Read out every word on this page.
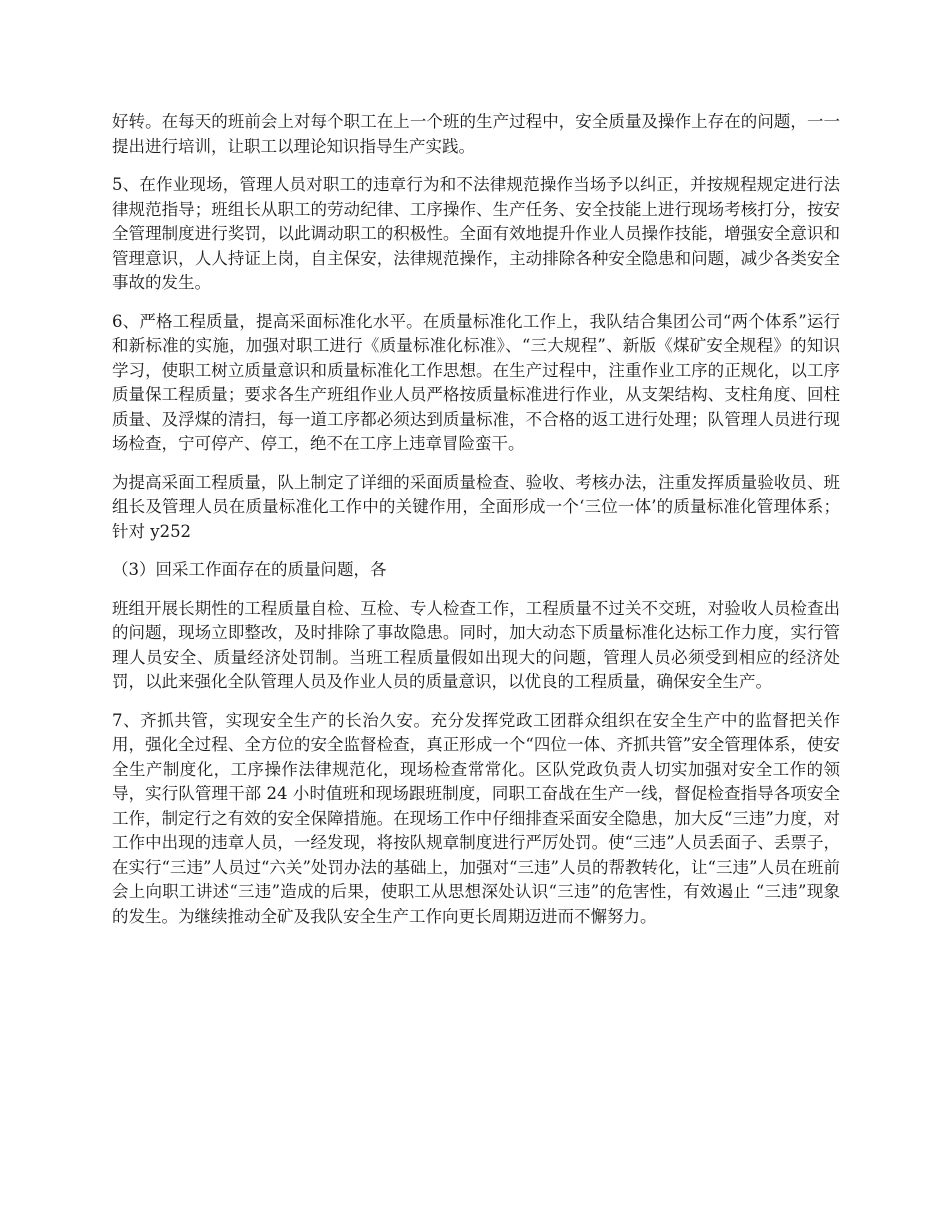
好转。在每天的班前会上对每个职工在上一个班的生产过程中，安全质量及操作上存在的问题，一一提出进行培训，让职工以理论知识指导生产实践。

5、在作业现场，管理人员对职工的违章行为和不法律规范操作当场予以纠正，并按规程规定进行法律规范指导；班组长从职工的劳动纪律、工序操作、生产任务、安全技能上进行现场考核打分，按安全管理制度进行奖罚，以此调动职工的积极性。全面有效地提升作业人员操作技能，增强安全意识和管理意识，人人持证上岗，自主保安，法律规范操作，主动排除各种安全隐患和问题，减少各类安全事故的发生。

6、严格工程质量，提高采面标准化水平。在质量标准化工作上，我队结合集团公司“两个体系”运行和新标准的实施，加强对职工进行《质量标准化标准》、“三大规程”、新版《煤矿安全规程》的知识学习，使职工树立质量意识和质量标准化工作思想。在生产过程中，注重作业工序的正规化，以工序质量保工程质量；要求各生产班组作业人员严格按质量标准进行作业，从支架结构、支柱角度、回柱质量、及浮煤的清扫，每一道工序都必须达到质量标准，不合格的返工进行处理；队管理人员进行现场检查，宁可停产、停工，绝不在工序上违章冒险蛮干。

为提高采面工程质量，队上制定了详细的采面质量检查、验收、考核办法，注重发挥质量验收员、班组长及管理人员在质量标准化工作中的关键作用，全面形成一个‘三位一体’的质量标准化管理体系；针对 y252

（3）回采工作面存在的质量问题，各

班组开展长期性的工程质量自检、互检、专人检查工作，工程质量不过关不交班，对验收人员检查出的问题，现场立即整改，及时排除了事故隐患。同时，加大动态下质量标准化达标工作力度，实行管理人员安全、质量经济处罚制。当班工程质量假如出现大的问题，管理人员必须受到相应的经济处罚，以此来强化全队管理人员及作业人员的质量意识，以优良的工程质量，确保安全生产。

7、齐抓共管，实现安全生产的长治久安。充分发挥党政工团群众组织在安全生产中的监督把关作用，强化全过程、全方位的安全监督检查，真正形成一个“四位一体、齐抓共管”安全管理体系，使安全生产制度化，工序操作法律规范化，现场检查常常化。区队党政负责人切实加强对安全工作的领导，实行队管理干部 24 小时值班和现场跟班制度，同职工奋战在生产一线，督促检查指导各项安全工作，制定行之有效的安全保障措施。在现场工作中仔细排查采面安全隐患，加大反“三违”力度，对工作中出现的违章人员，一经发现，将按队规章制度进行严厉处罚。使“三违”人员丢面子、丢票子，在实行“三违”人员过“六关”处罚办法的基础上，加强对“三违”人员的帮教转化，让“三违”人员在班前会上向职工讲述“三违”造成的后果，使职工从思想深处认识“三违”的危害性，有效遏止 “三违”现象的发生。为继续推动全矿及我队安全生产工作向更长周期迈进而不懈努力。
